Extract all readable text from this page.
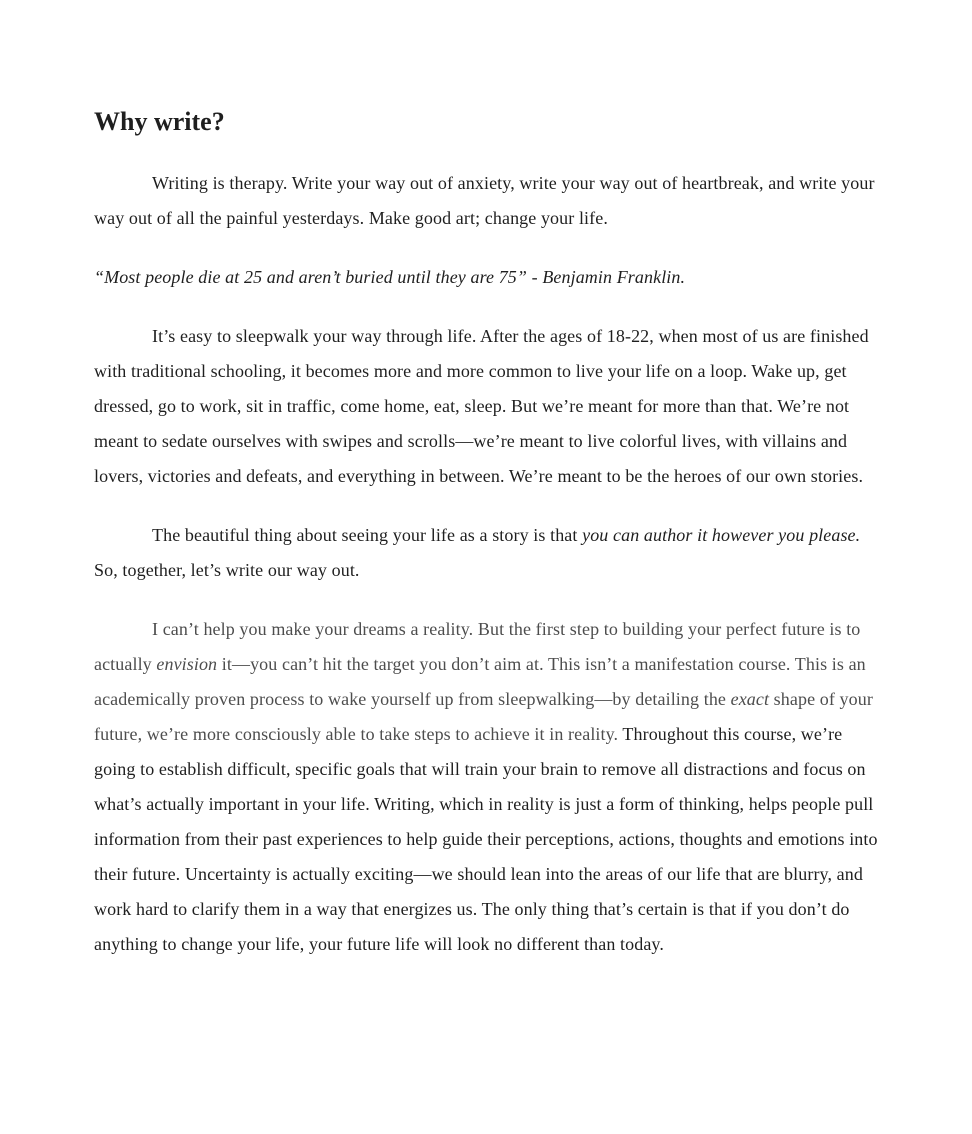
Why write?

Writing is therapy. Write your way out of anxiety, write your way out of heartbreak, and write your way out of all the painful yesterdays. Make good art; change your life.

“Most people die at 25 and aren’t buried until they are 75” - Benjamin Franklin.

It’s easy to sleepwalk your way through life. After the ages of 18-22, when most of us are finished with traditional schooling, it becomes more and more common to live your life on a loop. Wake up, get dressed, go to work, sit in traffic, come home, eat, sleep. But we’re meant for more than that. We’re not meant to sedate ourselves with swipes and scrolls—we’re meant to live colorful lives, with villains and lovers, victories and defeats, and everything in between. We’re meant to be the heroes of our own stories.

The beautiful thing about seeing your life as a story is that you can author it however you please. So, together, let’s write our way out.

I can’t help you make your dreams a reality. But the first step to building your perfect future is to actually envision it—you can’t hit the target you don’t aim at. This isn’t a manifestation course. This is an academically proven process to wake yourself up from sleepwalking—by detailing the exact shape of your future, we’re more consciously able to take steps to achieve it in reality. Throughout this course, we’re going to establish difficult, specific goals that will train your brain to remove all distractions and focus on what’s actually important in your life. Writing, which in reality is just a form of thinking, helps people pull information from their past experiences to help guide their perceptions, actions, thoughts and emotions into their future. Uncertainty is actually exciting—we should lean into the areas of our life that are blurry, and work hard to clarify them in a way that energizes us. The only thing that’s certain is that if you don’t do anything to change your life, your future life will look no different than today.
